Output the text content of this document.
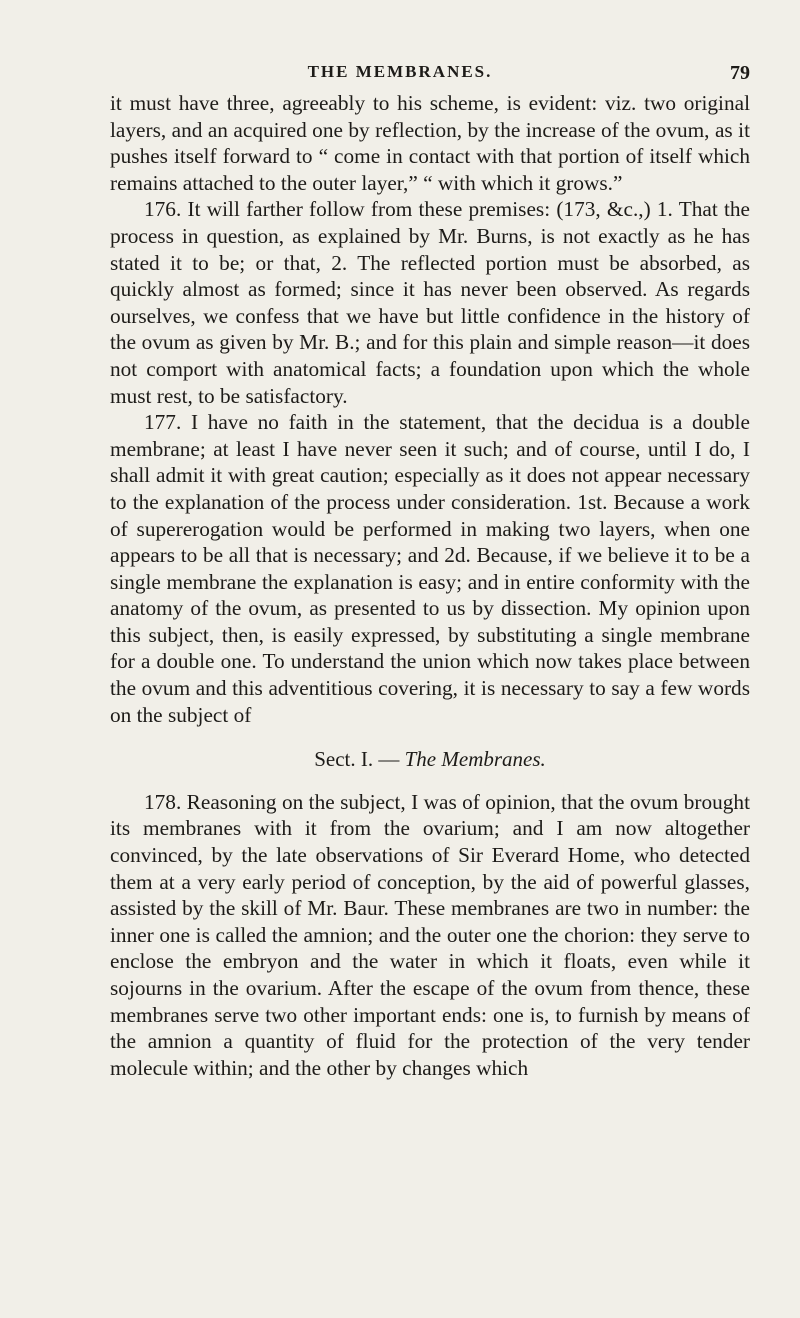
THE MEMBRANES.	79

it must have three, agreeably to his scheme, is evident: viz. two original layers, and an acquired one by reflection, by the increase of the ovum, as it pushes itself forward to “ come in contact with that portion of itself which remains attached to the outer layer,” “ with which it grows.”

176. It will farther follow from these premises: (173, &c.,) 1. That the process in question, as explained by Mr. Burns, is not exactly as he has stated it to be; or that, 2. The reflected portion must be absorbed, as quickly almost as formed; since it has never been observed. As regards ourselves, we confess that we have but little confidence in the history of the ovum as given by Mr. B.; and for this plain and simple reason—it does not comport with anatomical facts; a foundation upon which the whole must rest, to be satisfactory.

177. I have no faith in the statement, that the decidua is a double membrane; at least I have never seen it such; and of course, until I do, I shall admit it with great caution; especially as it does not appear necessary to the explanation of the process under consideration. 1st. Because a work of supererogation would be performed in making two layers, when one appears to be all that is necessary; and 2d. Because, if we believe it to be a single membrane the explanation is easy; and in entire conformity with the anatomy of the ovum, as presented to us by dissection. My opinion upon this subject, then, is easily expressed, by substituting a single membrane for a double one. To understand the union which now takes place between the ovum and this adventitious covering, it is necessary to say a few words on the subject of

Sect. I. — The Membranes.

178. Reasoning on the subject, I was of opinion, that the ovum brought its membranes with it from the ovarium; and I am now altogether convinced, by the late observations of Sir Everard Home, who detected them at a very early period of conception, by the aid of powerful glasses, assisted by the skill of Mr. Baur. These membranes are two in number: the inner one is called the amnion; and the outer one the chorion: they serve to enclose the embryon and the water in which it floats, even while it sojourns in the ovarium. After the escape of the ovum from thence, these membranes serve two other important ends: one is, to furnish by means of the amnion a quantity of fluid for the protection of the very tender molecule within; and the other by changes which
